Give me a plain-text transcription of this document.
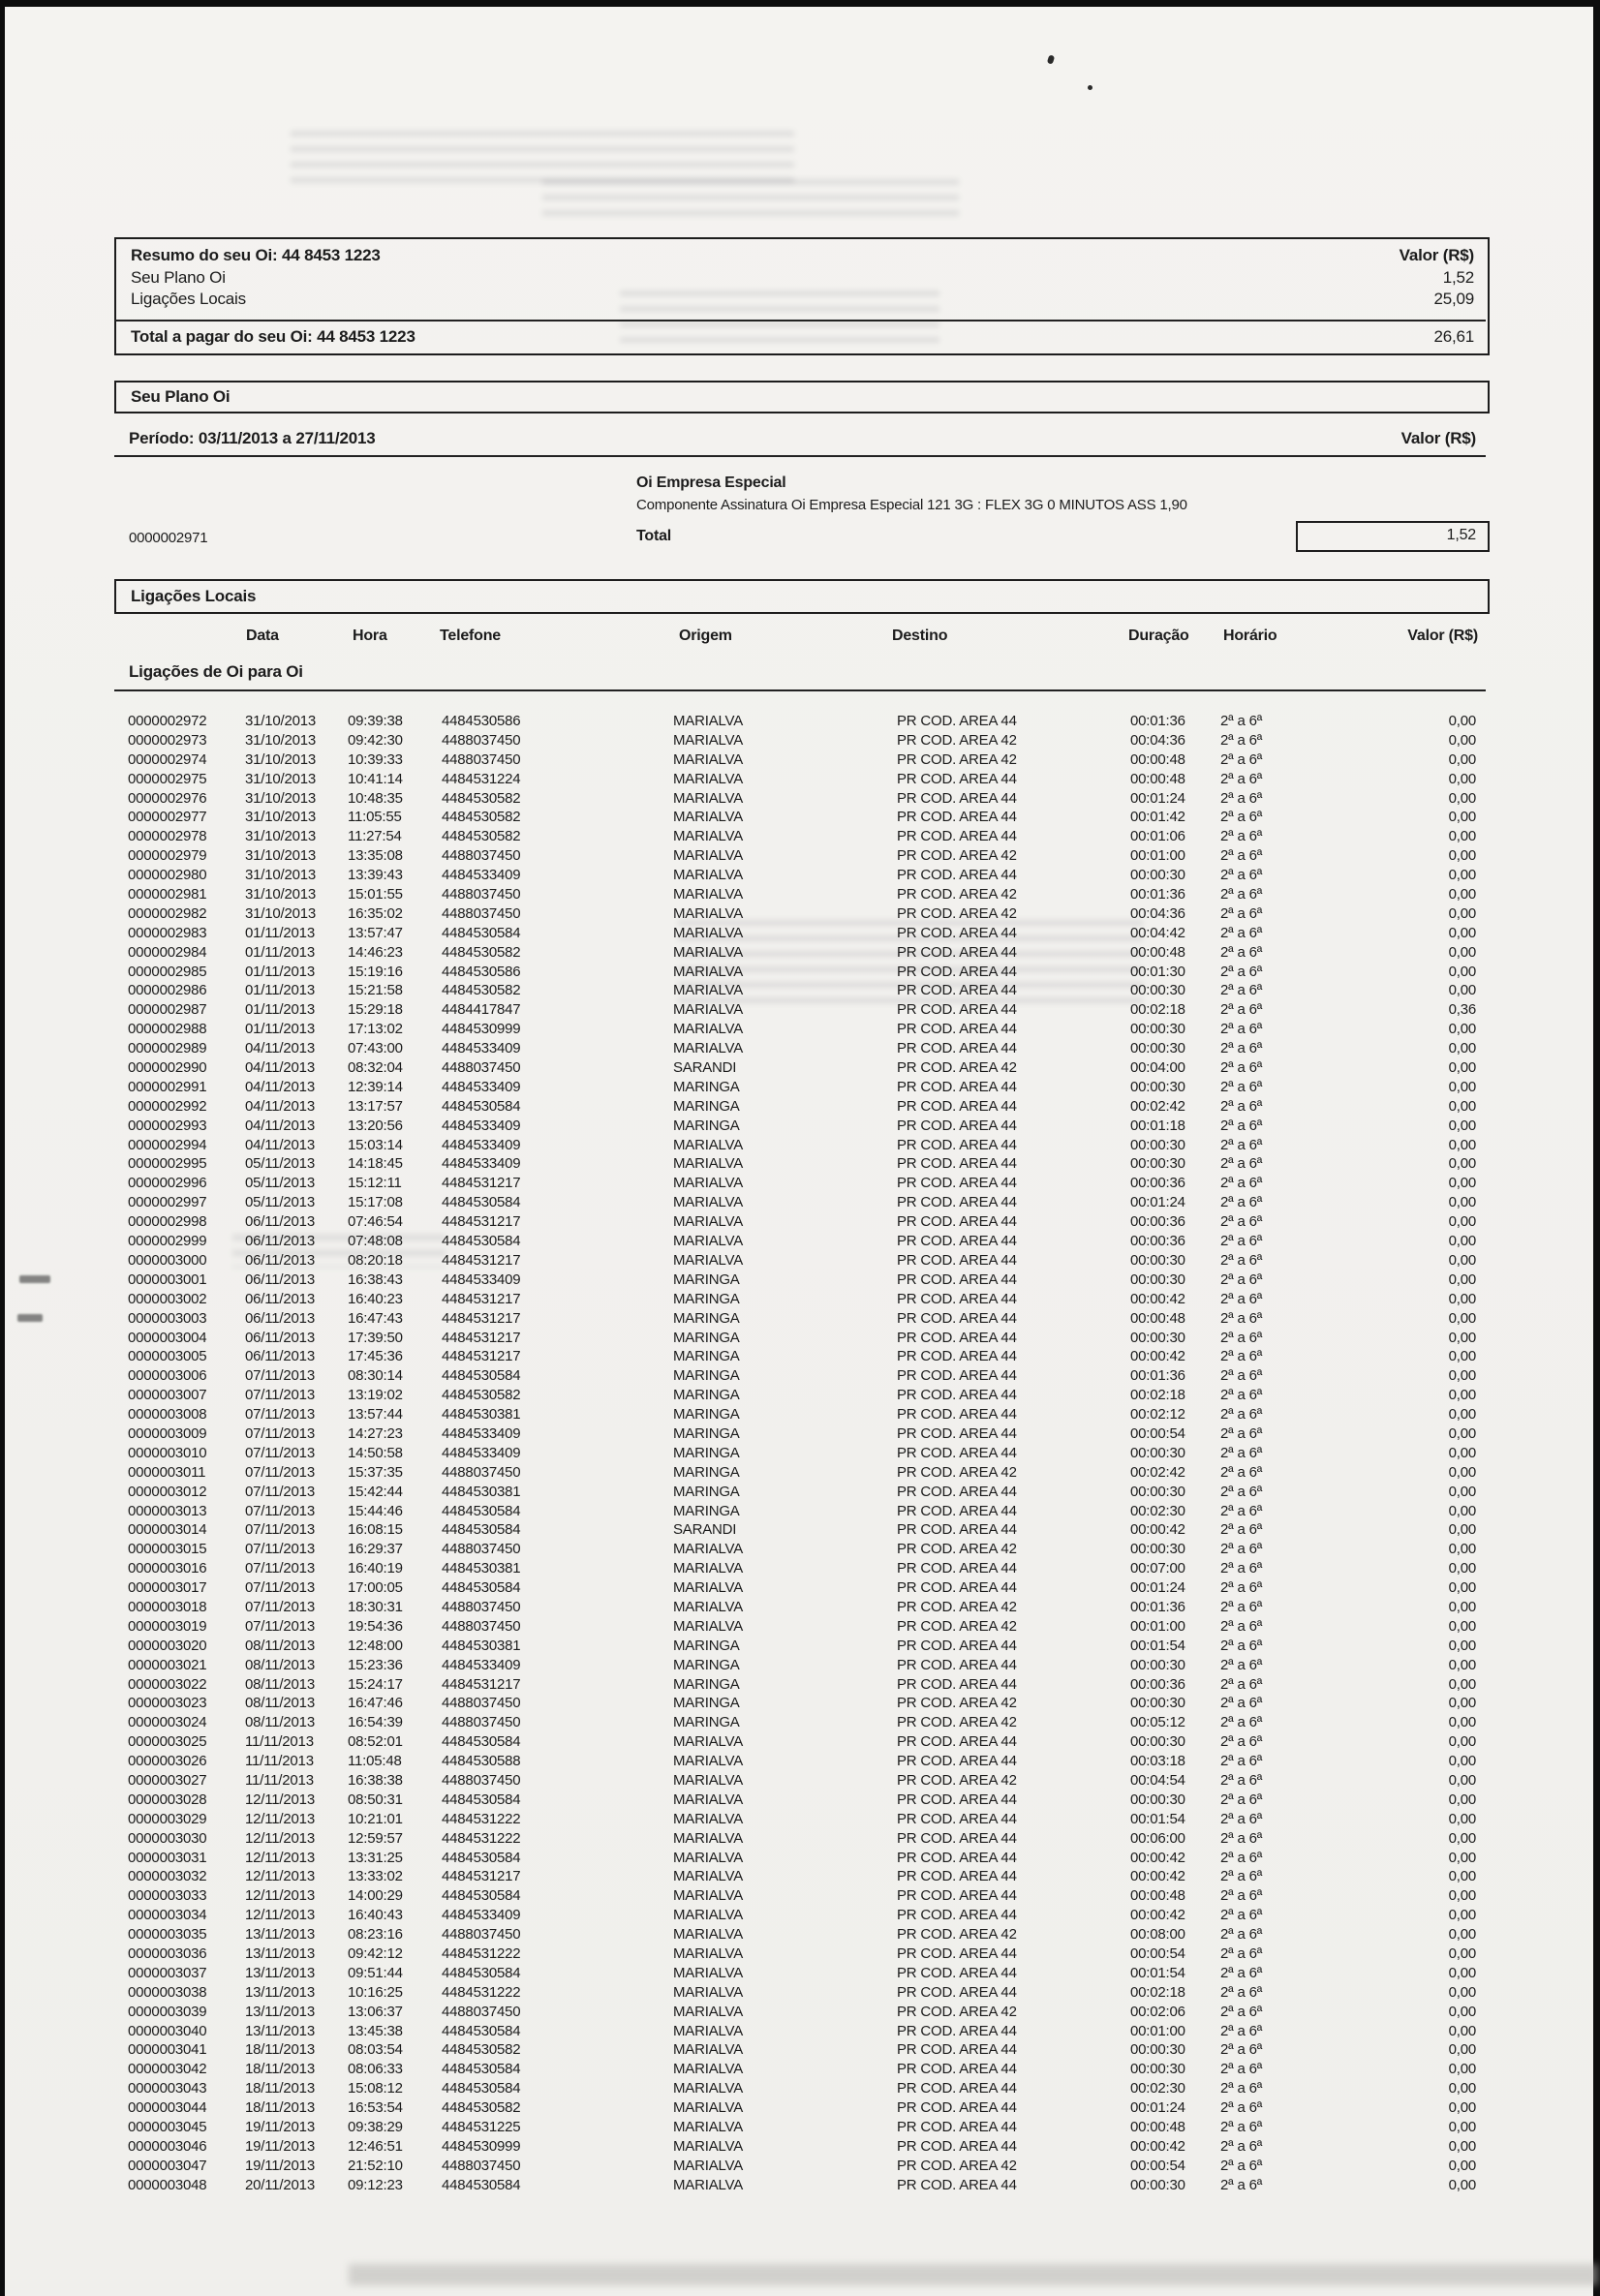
Resumo do seu Oi: 44 8453 1223	Valor (R$)
Seu Plano Oi	1,52
Ligações Locais	25,09
Total a pagar do seu Oi: 44 8453 1223	26,61
Seu Plano Oi
Período: 03/11/2013 a 27/11/2013	Valor (R$)
Oi Empresa Especial
Componente Assinatura Oi Empresa Especial 121 3G : FLEX 3G 0 MINUTOS ASS 1,90
0000002971	Total	1,52
Ligações Locais
Data	Hora	Telefone	Origem	Destino	Duração Horário	Valor (R$)
Ligações de Oi para Oi
0000002972	31/10/2013 09:39:38	4484530586	MARIALVA	PR COD. AREA 44	00:01:36 2ª a 6ª	0,00
0000002973	31/10/2013 09:42:30	4488037450	MARIALVA	PR COD. AREA 42	00:04:36 2ª a 6ª	0,00
0000002974	31/10/2013 10:39:33	4488037450	MARIALVA	PR COD. AREA 42	00:00:48 2ª a 6ª	0,00
0000002975	31/10/2013 10:41:14	4484531224	MARIALVA	PR COD. AREA 44	00:00:48 2ª a 6ª	0,00
0000002976	31/10/2013 10:48:35	4484530582	MARIALVA	PR COD. AREA 44	00:01:24 2ª a 6ª	0,00
0000002977	31/10/2013 11:05:55	4484530582	MARIALVA	PR COD. AREA 44	00:01:42 2ª a 6ª	0,00
0000002978	31/10/2013 11:27:54	4484530582	MARIALVA	PR COD. AREA 44	00:01:06 2ª a 6ª	0,00
0000002979	31/10/2013 13:35:08	4488037450	MARIALVA	PR COD. AREA 42	00:01:00 2ª a 6ª	0,00
0000002980	31/10/2013 13:39:43	4484533409	MARIALVA	PR COD. AREA 44	00:00:30 2ª a 6ª	0,00
0000002981	31/10/2013 15:01:55	4488037450	MARIALVA	PR COD. AREA 42	00:01:36 2ª a 6ª	0,00
0000002982	31/10/2013 16:35:02	4488037450	MARIALVA	PR COD. AREA 42	00:04:36 2ª a 6ª	0,00
0000002983	01/11/2013 13:57:47	4484530584	MARIALVA	PR COD. AREA 44	00:04:42 2ª a 6ª	0,00
0000002984	01/11/2013 14:46:23	4484530582	MARIALVA	PR COD. AREA 44	00:00:48 2ª a 6ª	0,00
0000002985	01/11/2013 15:19:16	4484530586	MARIALVA	PR COD. AREA 44	00:01:30 2ª a 6ª	0,00
0000002986	01/11/2013 15:21:58	4484530582	MARIALVA	PR COD. AREA 44	00:00:30 2ª a 6ª	0,00
0000002987	01/11/2013 15:29:18	4484417847	MARIALVA	PR COD. AREA 44	00:02:18 2ª a 6ª	0,36
0000002988	01/11/2013 17:13:02	4484530999	MARIALVA	PR COD. AREA 44	00:00:30 2ª a 6ª	0,00
0000002989	04/11/2013 07:43:00	4484533409	MARIALVA	PR COD. AREA 44	00:00:30 2ª a 6ª	0,00
0000002990	04/11/2013 08:32:04	4488037450	SARANDI	PR COD. AREA 42	00:04:00 2ª a 6ª	0,00
0000002991	04/11/2013 12:39:14	4484533409	MARINGA	PR COD. AREA 44	00:00:30 2ª a 6ª	0,00
0000002992	04/11/2013 13:17:57	4484530584	MARINGA	PR COD. AREA 44	00:02:42 2ª a 6ª	0,00
0000002993	04/11/2013 13:20:56	4484533409	MARINGA	PR COD. AREA 44	00:01:18 2ª a 6ª	0,00
0000002994	04/11/2013 15:03:14	4484533409	MARIALVA	PR COD. AREA 44	00:00:30 2ª a 6ª	0,00
0000002995	05/11/2013 14:18:45	4484533409	MARIALVA	PR COD. AREA 44	00:00:30 2ª a 6ª	0,00
0000002996	05/11/2013 15:12:11	4484531217	MARIALVA	PR COD. AREA 44	00:00:36 2ª a 6ª	0,00
0000002997	05/11/2013 15:17:08	4484530584	MARIALVA	PR COD. AREA 44	00:01:24 2ª a 6ª	0,00
0000002998	06/11/2013 07:46:54	4484531217	MARIALVA	PR COD. AREA 44	00:00:36 2ª a 6ª	0,00
0000002999	06/11/2013 07:48:08	4484530584	MARIALVA	PR COD. AREA 44	00:00:36 2ª a 6ª	0,00
0000003000	06/11/2013 08:20:18	4484531217	MARIALVA	PR COD. AREA 44	00:00:30 2ª a 6ª	0,00
0000003001	06/11/2013 16:38:43	4484533409	MARINGA	PR COD. AREA 44	00:00:30 2ª a 6ª	0,00
0000003002	06/11/2013 16:40:23	4484531217	MARINGA	PR COD. AREA 44	00:00:42 2ª a 6ª	0,00
0000003003	06/11/2013 16:47:43	4484531217	MARINGA	PR COD. AREA 44	00:00:48 2ª a 6ª	0,00
0000003004	06/11/2013 17:39:50	4484531217	MARINGA	PR COD. AREA 44	00:00:30 2ª a 6ª	0,00
0000003005	06/11/2013 17:45:36	4484531217	MARINGA	PR COD. AREA 44	00:00:42 2ª a 6ª	0,00
0000003006	07/11/2013 08:30:14	4484530584	MARINGA	PR COD. AREA 44	00:01:36 2ª a 6ª	0,00
0000003007	07/11/2013 13:19:02	4484530582	MARINGA	PR COD. AREA 44	00:02:18 2ª a 6ª	0,00
0000003008	07/11/2013 13:57:44	4484530381	MARINGA	PR COD. AREA 44	00:02:12 2ª a 6ª	0,00
0000003009	07/11/2013 14:27:23	4484533409	MARINGA	PR COD. AREA 44	00:00:54 2ª a 6ª	0,00
0000003010	07/11/2013 14:50:58	4484533409	MARINGA	PR COD. AREA 44	00:00:30 2ª a 6ª	0,00
0000003011	07/11/2013 15:37:35	4488037450	MARINGA	PR COD. AREA 42	00:02:42 2ª a 6ª	0,00
0000003012	07/11/2013 15:42:44	4484530381	MARINGA	PR COD. AREA 44	00:00:30 2ª a 6ª	0,00
0000003013	07/11/2013 15:44:46	4484530584	MARINGA	PR COD. AREA 44	00:02:30 2ª a 6ª	0,00
0000003014	07/11/2013 16:08:15	4484530584	SARANDI	PR COD. AREA 44	00:00:42 2ª a 6ª	0,00
0000003015	07/11/2013 16:29:37	4488037450	MARIALVA	PR COD. AREA 42	00:00:30 2ª a 6ª	0,00
0000003016	07/11/2013 16:40:19	4484530381	MARIALVA	PR COD. AREA 44	00:07:00 2ª a 6ª	0,00
0000003017	07/11/2013 17:00:05	4484530584	MARIALVA	PR COD. AREA 44	00:01:24 2ª a 6ª	0,00
0000003018	07/11/2013 18:30:31	4488037450	MARIALVA	PR COD. AREA 42	00:01:36 2ª a 6ª	0,00
0000003019	07/11/2013 19:54:36	4488037450	MARIALVA	PR COD. AREA 42	00:01:00 2ª a 6ª	0,00
0000003020	08/11/2013 12:48:00	4484530381	MARINGA	PR COD. AREA 44	00:01:54 2ª a 6ª	0,00
0000003021	08/11/2013 15:23:36	4484533409	MARINGA	PR COD. AREA 44	00:00:30 2ª a 6ª	0,00
0000003022	08/11/2013 15:24:17	4484531217	MARINGA	PR COD. AREA 44	00:00:36 2ª a 6ª	0,00
0000003023	08/11/2013 16:47:46	4488037450	MARINGA	PR COD. AREA 42	00:00:30 2ª a 6ª	0,00
0000003024	08/11/2013 16:54:39	4488037450	MARINGA	PR COD. AREA 42	00:05:12 2ª a 6ª	0,00
0000003025	11/11/2013 08:52:01	4484530584	MARIALVA	PR COD. AREA 44	00:00:30 2ª a 6ª	0,00
0000003026	11/11/2013 11:05:48	4484530588	MARIALVA	PR COD. AREA 44	00:03:18 2ª a 6ª	0,00
0000003027	11/11/2013 16:38:38	4488037450	MARIALVA	PR COD. AREA 42	00:04:54 2ª a 6ª	0,00
0000003028	12/11/2013 08:50:31	4484530584	MARIALVA	PR COD. AREA 44	00:00:30 2ª a 6ª	0,00
0000003029	12/11/2013 10:21:01	4484531222	MARIALVA	PR COD. AREA 44	00:01:54 2ª a 6ª	0,00
0000003030	12/11/2013 12:59:57	4484531222	MARIALVA	PR COD. AREA 44	00:06:00 2ª a 6ª	0,00
0000003031	12/11/2013 13:31:25	4484530584	MARIALVA	PR COD. AREA 44	00:00:42 2ª a 6ª	0,00
0000003032	12/11/2013 13:33:02	4484531217	MARIALVA	PR COD. AREA 44	00:00:42 2ª a 6ª	0,00
0000003033	12/11/2013 14:00:29	4484530584	MARIALVA	PR COD. AREA 44	00:00:48 2ª a 6ª	0,00
0000003034	12/11/2013 16:40:43	4484533409	MARIALVA	PR COD. AREA 44	00:00:42 2ª a 6ª	0,00
0000003035	13/11/2013 08:23:16	4488037450	MARIALVA	PR COD. AREA 42	00:08:00 2ª a 6ª	0,00
0000003036	13/11/2013 09:42:12	4484531222	MARIALVA	PR COD. AREA 44	00:00:54 2ª a 6ª	0,00
0000003037	13/11/2013 09:51:44	4484530584	MARIALVA	PR COD. AREA 44	00:01:54 2ª a 6ª	0,00
0000003038	13/11/2013 10:16:25	4484531222	MARIALVA	PR COD. AREA 44	00:02:18 2ª a 6ª	0,00
0000003039	13/11/2013 13:06:37	4488037450	MARIALVA	PR COD. AREA 42	00:02:06 2ª a 6ª	0,00
0000003040	13/11/2013 13:45:38	4484530584	MARIALVA	PR COD. AREA 44	00:01:00 2ª a 6ª	0,00
0000003041	18/11/2013 08:03:54	4484530582	MARIALVA	PR COD. AREA 44	00:00:30 2ª a 6ª	0,00
0000003042	18/11/2013 08:06:33	4484530584	MARIALVA	PR COD. AREA 44	00:00:30 2ª a 6ª	0,00
0000003043	18/11/2013 15:08:12	4484530584	MARIALVA	PR COD. AREA 44	00:02:30 2ª a 6ª	0,00
0000003044	18/11/2013 16:53:54	4484530582	MARIALVA	PR COD. AREA 44	00:01:24 2ª a 6ª	0,00
0000003045	19/11/2013 09:38:29	4484531225	MARIALVA	PR COD. AREA 44	00:00:48 2ª a 6ª	0,00
0000003046	19/11/2013 12:46:51	4484530999	MARIALVA	PR COD. AREA 44	00:00:42 2ª a 6ª	0,00
0000003047	19/11/2013 21:52:10	4488037450	MARIALVA	PR COD. AREA 42	00:00:54 2ª a 6ª	0,00
0000003048	20/11/2013 09:12:23	4484530584	MARIALVA	PR COD. AREA 44	00:00:30 2ª a 6ª	0,00
